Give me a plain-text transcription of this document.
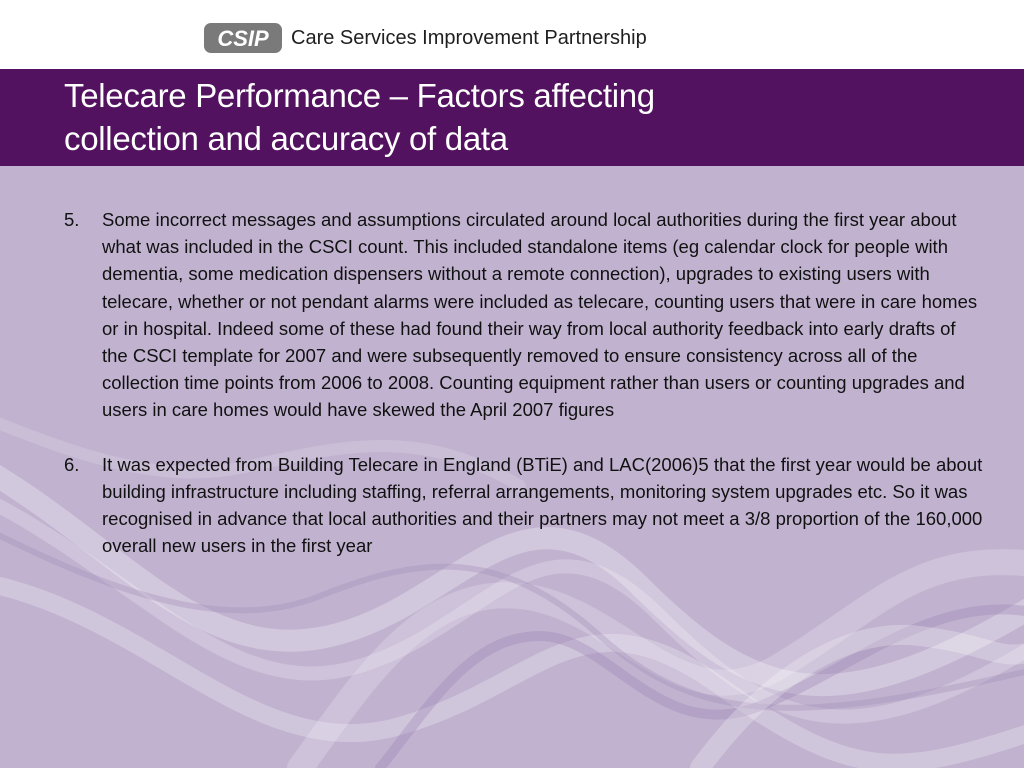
CSIP Care Services Improvement Partnership
Telecare Performance – Factors affecting
collection and accuracy of data
5. Some incorrect messages and assumptions circulated around local authorities during the first year about what was included in the CSCI count. This included standalone items (eg calendar clock for people with dementia, some medication dispensers without a remote connection), upgrades to existing users with telecare, whether or not pendant alarms were included as telecare, counting users that were in care homes or in hospital. Indeed some of these had found their way from local authority feedback into early drafts of the CSCI template for 2007 and were subsequently removed to ensure consistency across all of the collection time points from 2006 to 2008. Counting equipment rather than users or counting upgrades and users in care homes would have skewed the April 2007 figures
6. It was expected from Building Telecare in England (BTiE) and LAC(2006)5 that the first year would be about building infrastructure including staffing, referral arrangements, monitoring system upgrades etc. So it was recognised in advance that local authorities and their partners may not meet a 3/8 proportion of the 160,000 overall new users in the first year
